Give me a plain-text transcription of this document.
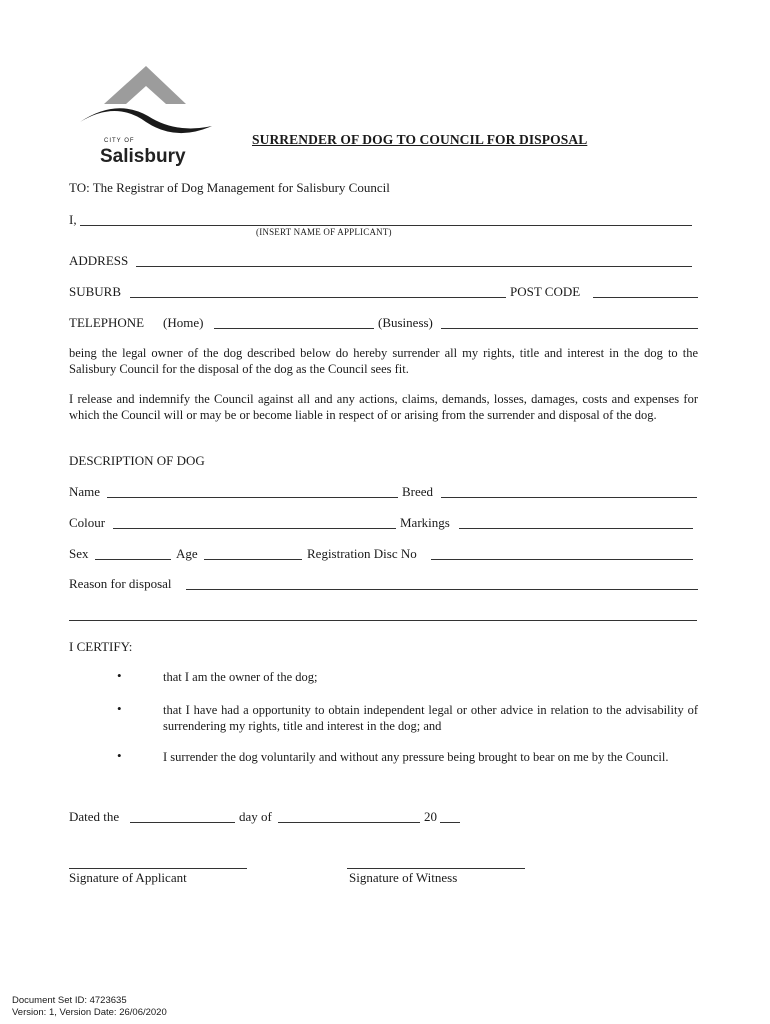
CITY OF
Salisbury
SURRENDER OF DOG TO COUNCIL FOR DISPOSAL
TO: The Registrar of Dog Management for Salisbury Council
I,
(INSERT NAME OF APPLICANT)
ADDRESS
SUBURB	POST CODE
TELEPHONE (Home)	(Business)
being the legal owner of the dog described below do hereby surrender all my rights, title and interest in the dog to the Salisbury Council for the disposal of the dog as the Council sees fit.
I release and indemnify the Council against all and any actions, claims, demands, losses, damages, costs and expenses for which the Council will or may be or become liable in respect of or arising from the surrender and disposal of the dog.
DESCRIPTION OF DOG
Name	Breed
Colour	Markings
Sex	Age	Registration Disc No
Reason for disposal
I CERTIFY:
•	that I am the owner of the dog;
•	that I have had a opportunity to obtain independent legal or other advice in relation to the advisability of surrendering my rights, title and interest in the dog; and
•	I surrender the dog voluntarily and without any pressure being brought to bear on me by the Council.
Dated the	day of	20
Signature of Applicant	Signature of Witness
Document Set ID: 4723635
Version: 1, Version Date: 26/06/2020
